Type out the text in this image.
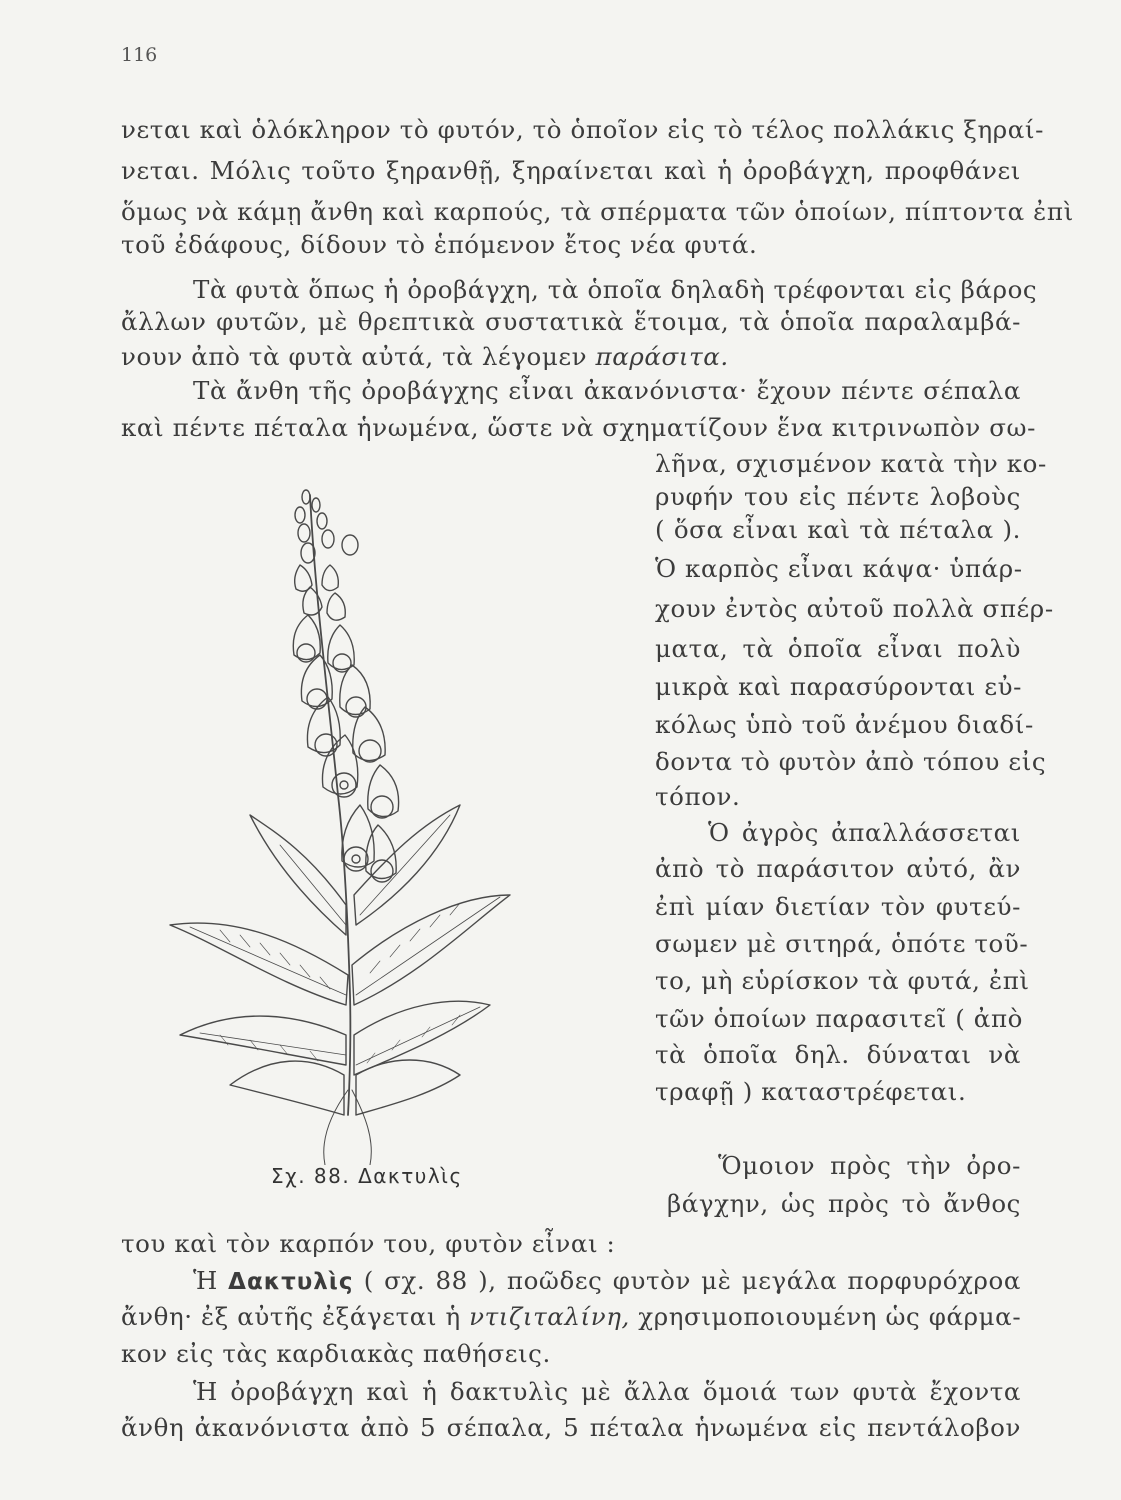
116
νεται καὶ ὁλόκληρον τὸ φυτόν, τὸ ὁποῖον εἰς τὸ τέλος πολλάκις ξηραί-
νεται. Μόλις τοῦτο ξηρανθῇ, ξηραίνεται καὶ ἡ ὀροβάγχη, προφθάνει
ὅμως νὰ κάμῃ ἄνθη καὶ καρπούς, τὰ σπέρματα τῶν ὁποίων, πίπτοντα ἐπὶ
τοῦ ἐδάφους, δίδουν τὸ ἑπόμενον ἔτος νέα φυτά.
Τὰ φυτὰ ὅπως ἡ ὀροβάγχη, τὰ ὁποῖα δηλαδὴ τρέφονται εἰς βάρος
ἄλλων φυτῶν, μὲ θρεπτικὰ συστατικὰ ἕτοιμα, τὰ ὁποῖα παραλαμβά-
νουν ἀπὸ τὰ φυτὰ αὐτά, τὰ λέγομεν παράσιτα.
Τὰ ἄνθη τῆς ὀροβάγχης εἶναι ἀκανόνιστα· ἔχουν πέντε σέπαλα
καὶ πέντε πέταλα ἡνωμένα, ὥστε νὰ σχηματίζουν ἕνα κιτρινωπὸν σω-
λῆνα, σχισμένον κατὰ τὴν κο-
ρυφήν του εἰς πέντε λοβοὺς
( ὅσα εἶναι καὶ τὰ πέταλα ).
Ὁ καρπὸς εἶναι κάψα· ὑπάρ-
χουν ἐντὸς αὐτοῦ πολλὰ σπέρ-
ματα, τὰ ὁποῖα εἶναι πολὺ
μικρὰ καὶ παρασύρονται εὐ-
κόλως ὑπὸ τοῦ ἀνέμου διαδί-
δοντα τὸ φυτὸν ἀπὸ τόπου εἰς
τόπον.
Ὁ ἀγρὸς ἀπαλλάσσεται
ἀπὸ τὸ παράσιτον αὐτό, ἂν
ἐπὶ μίαν διετίαν τὸν φυτεύ-
σωμεν μὲ σιτηρά, ὁπότε τοῦ-
το, μὴ εὑρίσκον τὰ φυτά, ἐπὶ
τῶν ὁποίων παρασιτεῖ ( ἀπὸ
τὰ ὁποῖα δηλ. δύναται νὰ
τραφῇ ) καταστρέφεται.
Ὅμοιον πρὸς τὴν ὀρο-
βάγχην, ὡς πρὸς τὸ ἄνθος
του καὶ τὸν καρπόν του, φυτὸν εἶναι :
Ἡ Δακτυλὶς ( σχ. 88 ), ποῶδες φυτὸν μὲ μεγάλα πορφυρόχροα
ἄνθη· ἐξ αὐτῆς ἐξάγεται ἡ ντιζιταλίνη, χρησιμοποιουμένη ὡς φάρμα-
κον εἰς τὰς καρδιακὰς παθήσεις.
Ἡ ὀροβάγχη καὶ ἡ δακτυλὶς μὲ ἄλλα ὅμοιά των φυτὰ ἔχοντα
ἄνθη ἀκανόνιστα ἀπὸ 5 σέπαλα, 5 πέταλα ἡνωμένα εἰς πεντάλοβον
Σχ. 88. Δακτυλὶς
